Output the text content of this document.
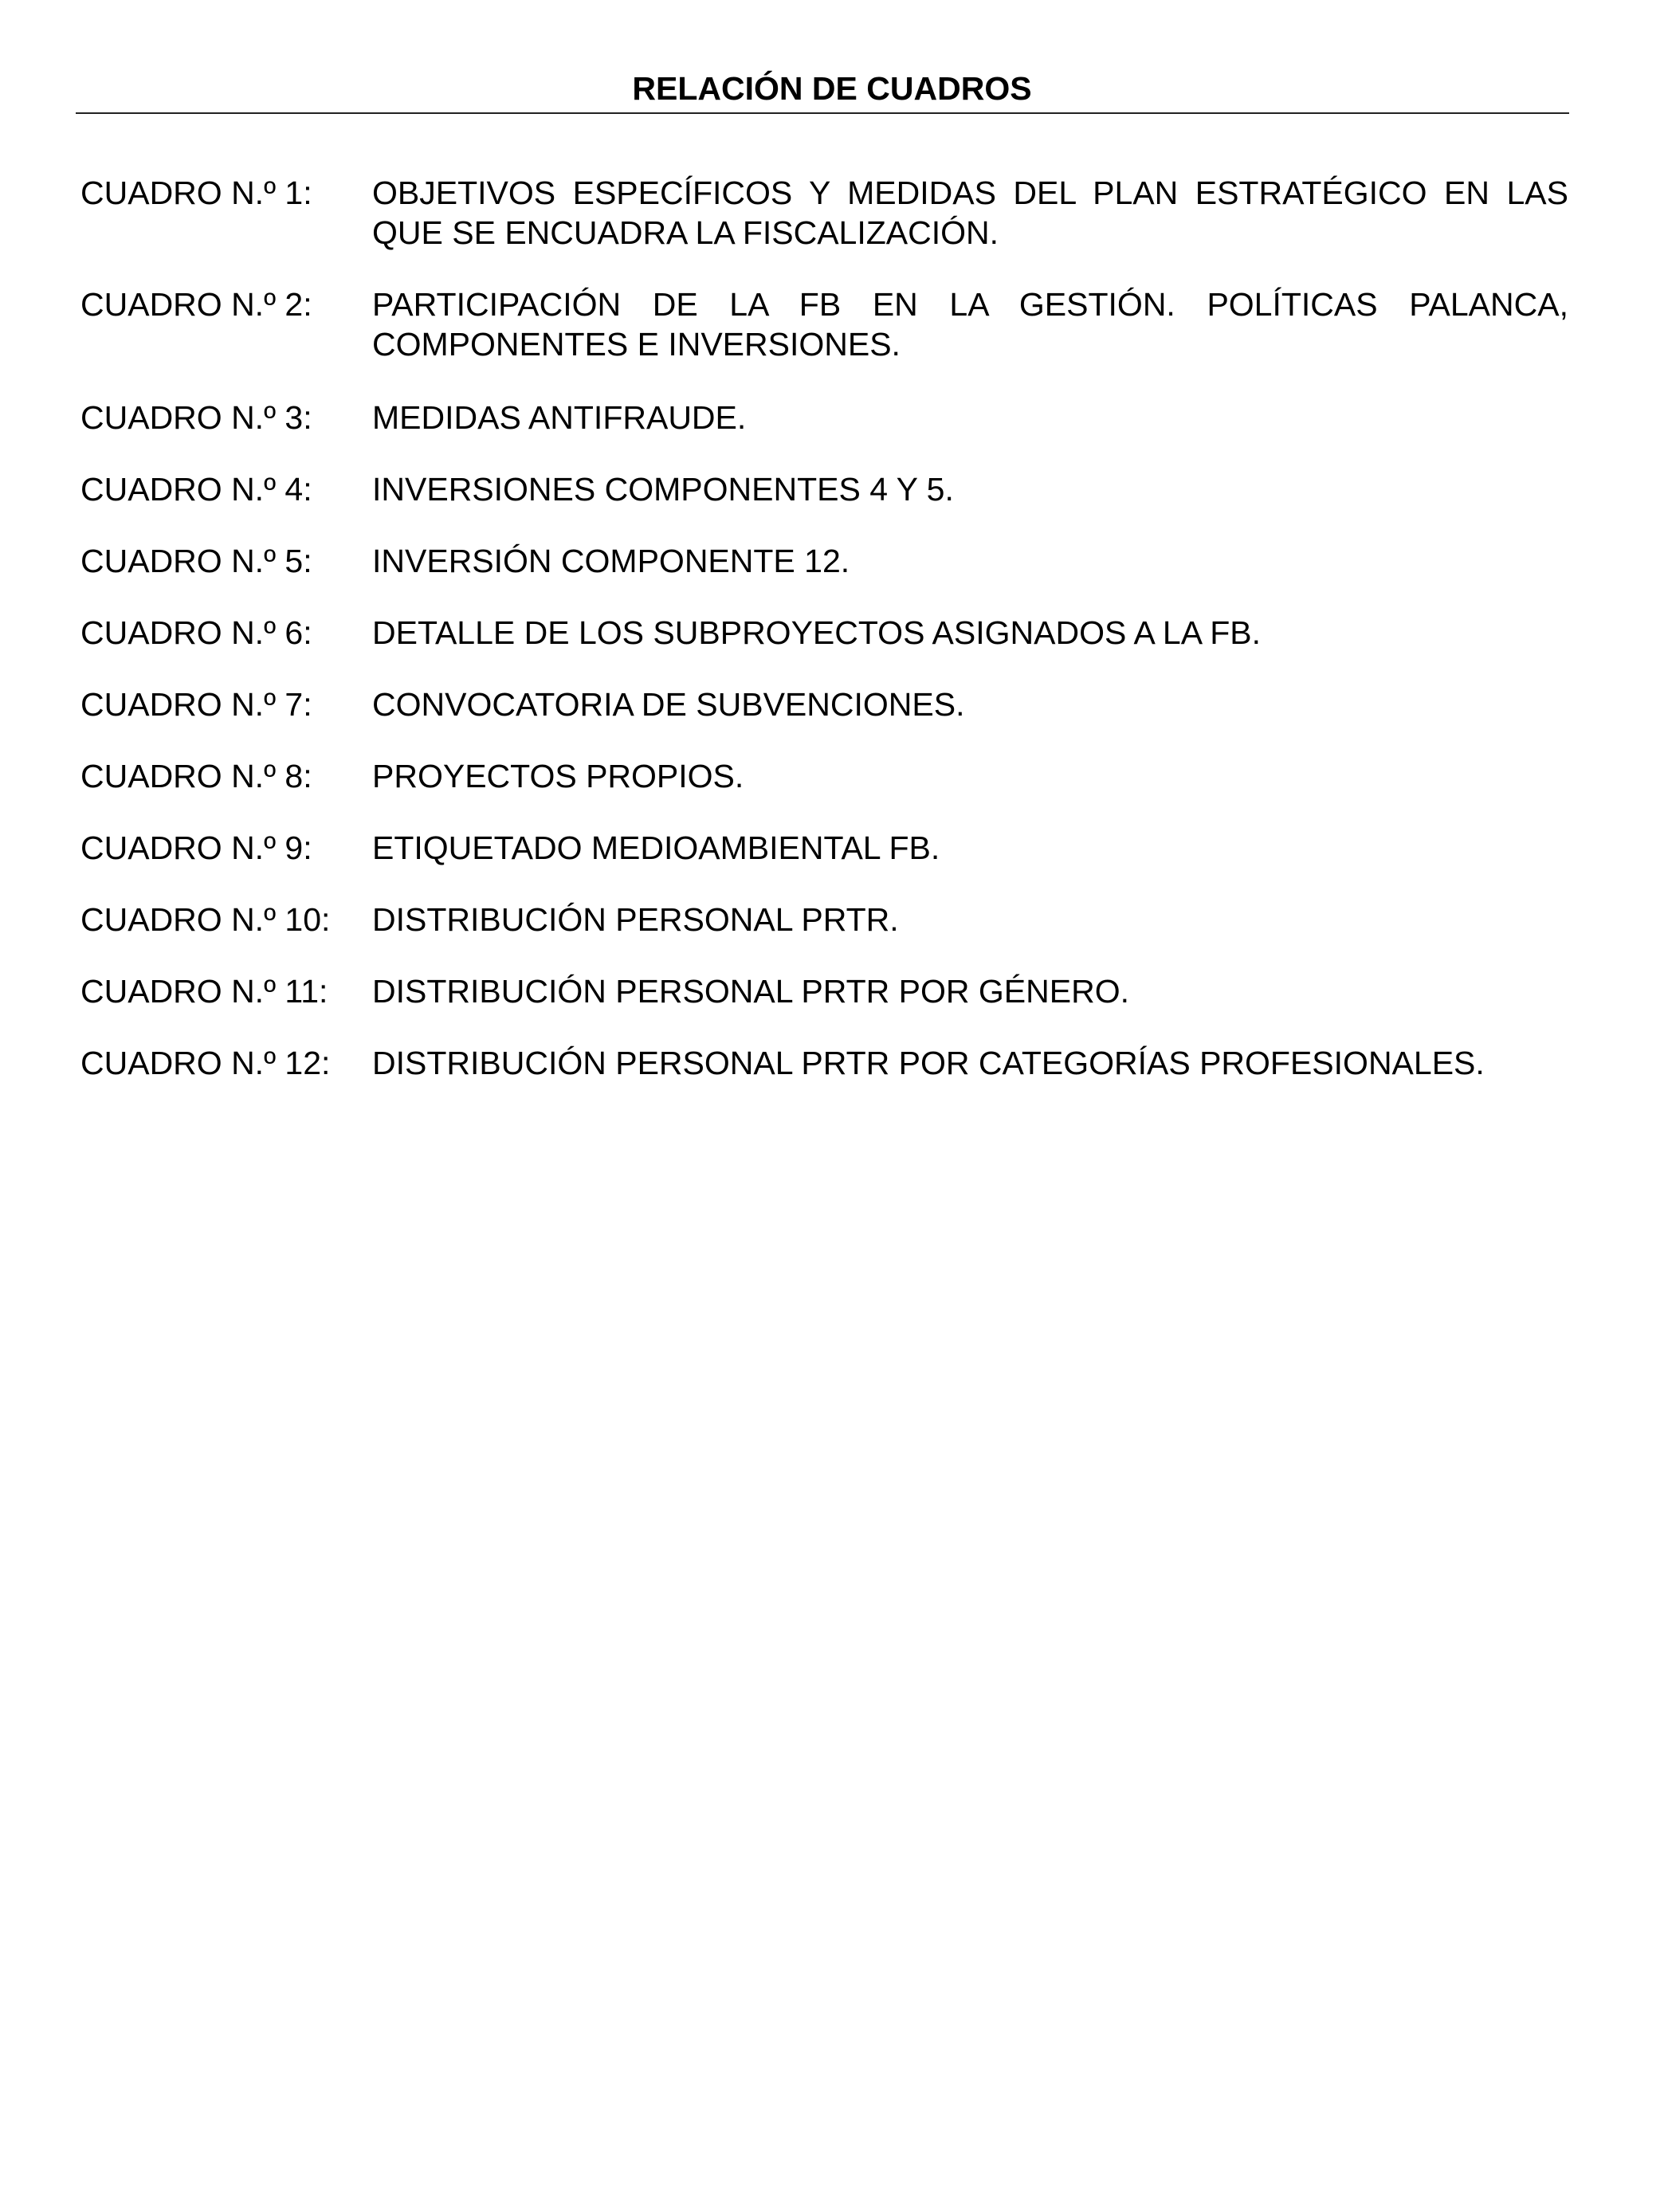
RELACIÓN DE CUADROS
CUADRO N.º 1:	OBJETIVOS ESPECÍFICOS Y MEDIDAS DEL PLAN ESTRATÉGICO EN LAS QUE SE ENCUADRA LA FISCALIZACIÓN.
CUADRO N.º 2:	PARTICIPACIÓN DE LA FB EN LA GESTIÓN. POLÍTICAS PALANCA, COMPONENTES E INVERSIONES.
CUADRO N.º 3:	MEDIDAS ANTIFRAUDE.
CUADRO N.º 4:	INVERSIONES COMPONENTES 4 Y 5.
CUADRO N.º 5:	INVERSIÓN COMPONENTE 12.
CUADRO N.º 6:	DETALLE DE LOS SUBPROYECTOS ASIGNADOS A LA FB.
CUADRO N.º 7:	CONVOCATORIA DE SUBVENCIONES.
CUADRO N.º 8:	PROYECTOS PROPIOS.
CUADRO N.º 9:	ETIQUETADO MEDIOAMBIENTAL FB.
CUADRO N.º 10:	DISTRIBUCIÓN PERSONAL PRTR.
CUADRO N.º 11:	DISTRIBUCIÓN PERSONAL PRTR POR GÉNERO.
CUADRO N.º 12:	DISTRIBUCIÓN PERSONAL PRTR POR CATEGORÍAS PROFESIONALES.
